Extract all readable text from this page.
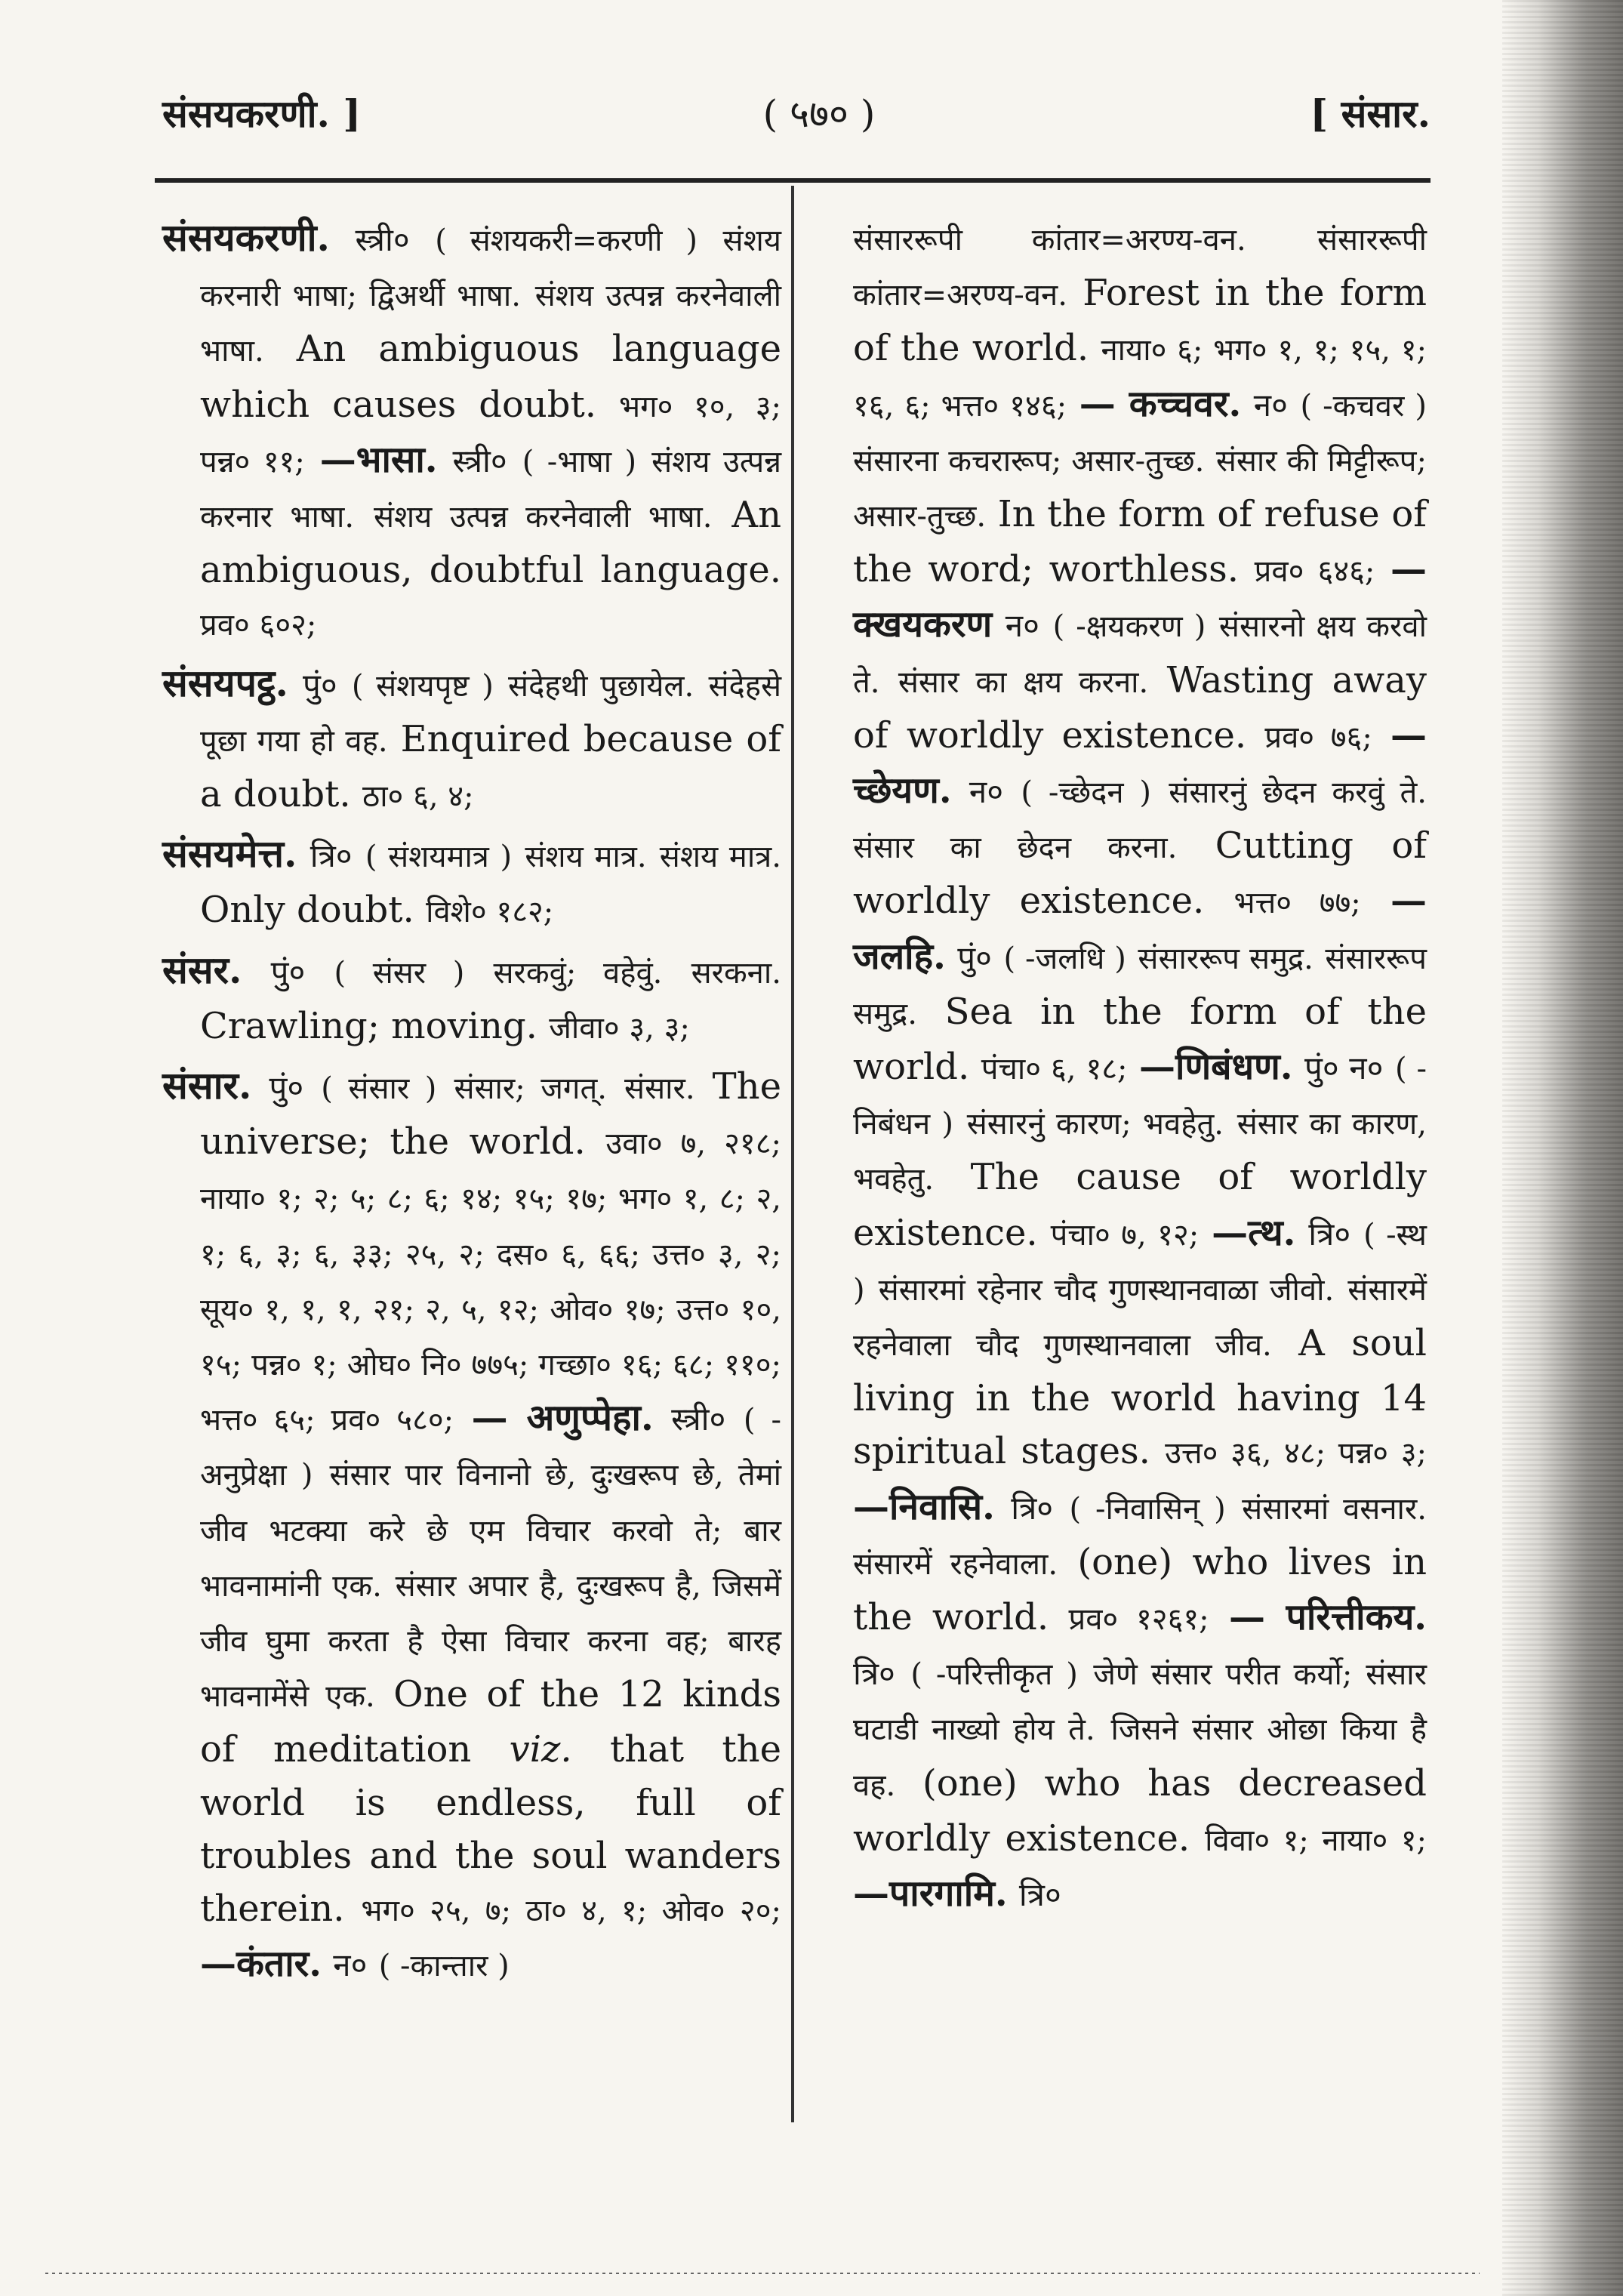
संसयकरणी. ]	( ५७० )	[ संसार.

संसयकरणी. स्त्री० ( संशयकरी=करणी ) संशय करनारी भाषा; द्विअर्थी भाषा. संशय उत्पन्न करनेवाली भाषा. An ambiguous language which causes doubt. भग० १०, ३; पन्न० ११; —भासा. स्त्री० ( -भाषा ) संशय उत्पन्न करनार भाषा. संशय उत्पन्न करनेवाली भाषा. An ambiguous, doubtful language. प्रव० ६०२;

संसयपट्ठ. पुं० ( संशयपृष्ट ) संदेहथी पुछायेल. संदेहसे पूछा गया हो वह. Enquired because of a doubt. ठा० ६, ४;

संसयमेत्त. त्रि० ( संशयमात्र ) संशय मात्र. संशय मात्र. Only doubt. विशे० १८२;

संसर. पुं० ( संसर ) सरकवुं; वहेवुं. सरकना. Crawling; moving. जीवा० ३, ३;

संसार. पुं० ( संसार ) संसार; जगत्. संसार. The universe; the world. उवा० ७, २१८; नाया० १; २; ५; ८; ६; १४; १५; १७; भग० १, ८; २, १; ६, ३; ६, ३३; २५, २; दस० ६, ६६; उत्त० ३, २; सूय० १, १, १, २१; २, ५, १२; ओव० १७; उत्त० १०, १५; पन्न० १; ओघ० नि० ७७५; गच्छा० १६; ६८; ११०; भत्त० ६५; प्रव० ५८०; — अणुप्पेहा. स्त्री० ( -अनुप्रेक्षा ) संसार पार विनानो छे, दुःखरूप छे, तेमां जीव भटक्या करे छे एम विचार करवो ते; बार भावनामांनी एक. संसार अपार है, दुःखरूप है, जिसमें जीव घुमा करता है ऐसा विचार करना वह; बारह भावनामेंसे एक. One of the 12 kinds of meditation viz. that the world is endless, full of troubles and the soul wanders therein. भग० २५, ७; ठा० ४, १; ओव० २०; —कंतार. न० ( -कान्तार )

संसाररूपी कांतार=अरण्य-वन. संसाररूपी कांतार=अरण्य-वन. Forest in the form of the world. नाया० ६; भग० १, १; १५, १; १६, ६; भत्त० १४६; — कच्चवर. न० ( -कचवर ) संसारना कचरारूप; असार-तुच्छ. संसार की मिट्टीरूप; असार-तुच्छ. In the form of refuse of the word; worthless. प्रव० ६४६; —क्खयकरण न० ( -क्षयकरण ) संसारनो क्षय करवो ते. संसार का क्षय करना. Wasting away of worldly existence. प्रव० ७६; —च्छेयण. न० ( -च्छेदन ) संसारनुं छेदन करवुं ते. संसार का छेदन करना. Cutting of worldly existence. भत्त० ७७; —जलहि. पुं० ( -जलधि ) संसाररूप समुद्र. संसाररूप समुद्र. Sea in the form of the world. पंचा० ६, १८; —णिबंधण. पुं० न० ( -निबंधन ) संसारनुं कारण; भवहेतु. संसार का कारण, भवहेतु. The cause of worldly existence. पंचा० ७, १२; —त्थ. त्रि० ( -स्थ ) संसारमां रहेनार चौद गुणस्थानवाळा जीवो. संसारमें रहनेवाला चौद गुणस्थानवाला जीव. A soul living in the world having 14 spiritual stages. उत्त० ३६, ४८; पन्न० ३; —निवासि. त्रि० ( -निवासिन् ) संसारमां वसनार. संसारमें रहनेवाला. (one) who lives in the world. प्रव० १२६१; — परित्तीकय. त्रि० ( -परित्तीकृत ) जेणे संसार परीत कर्यो; संसार घटाडी नाख्यो होय ते. जिसने संसार ओछा किया है वह. (one) who has decreased worldly existence. विवा० १; नाया० १; —पारगामि. त्रि०
